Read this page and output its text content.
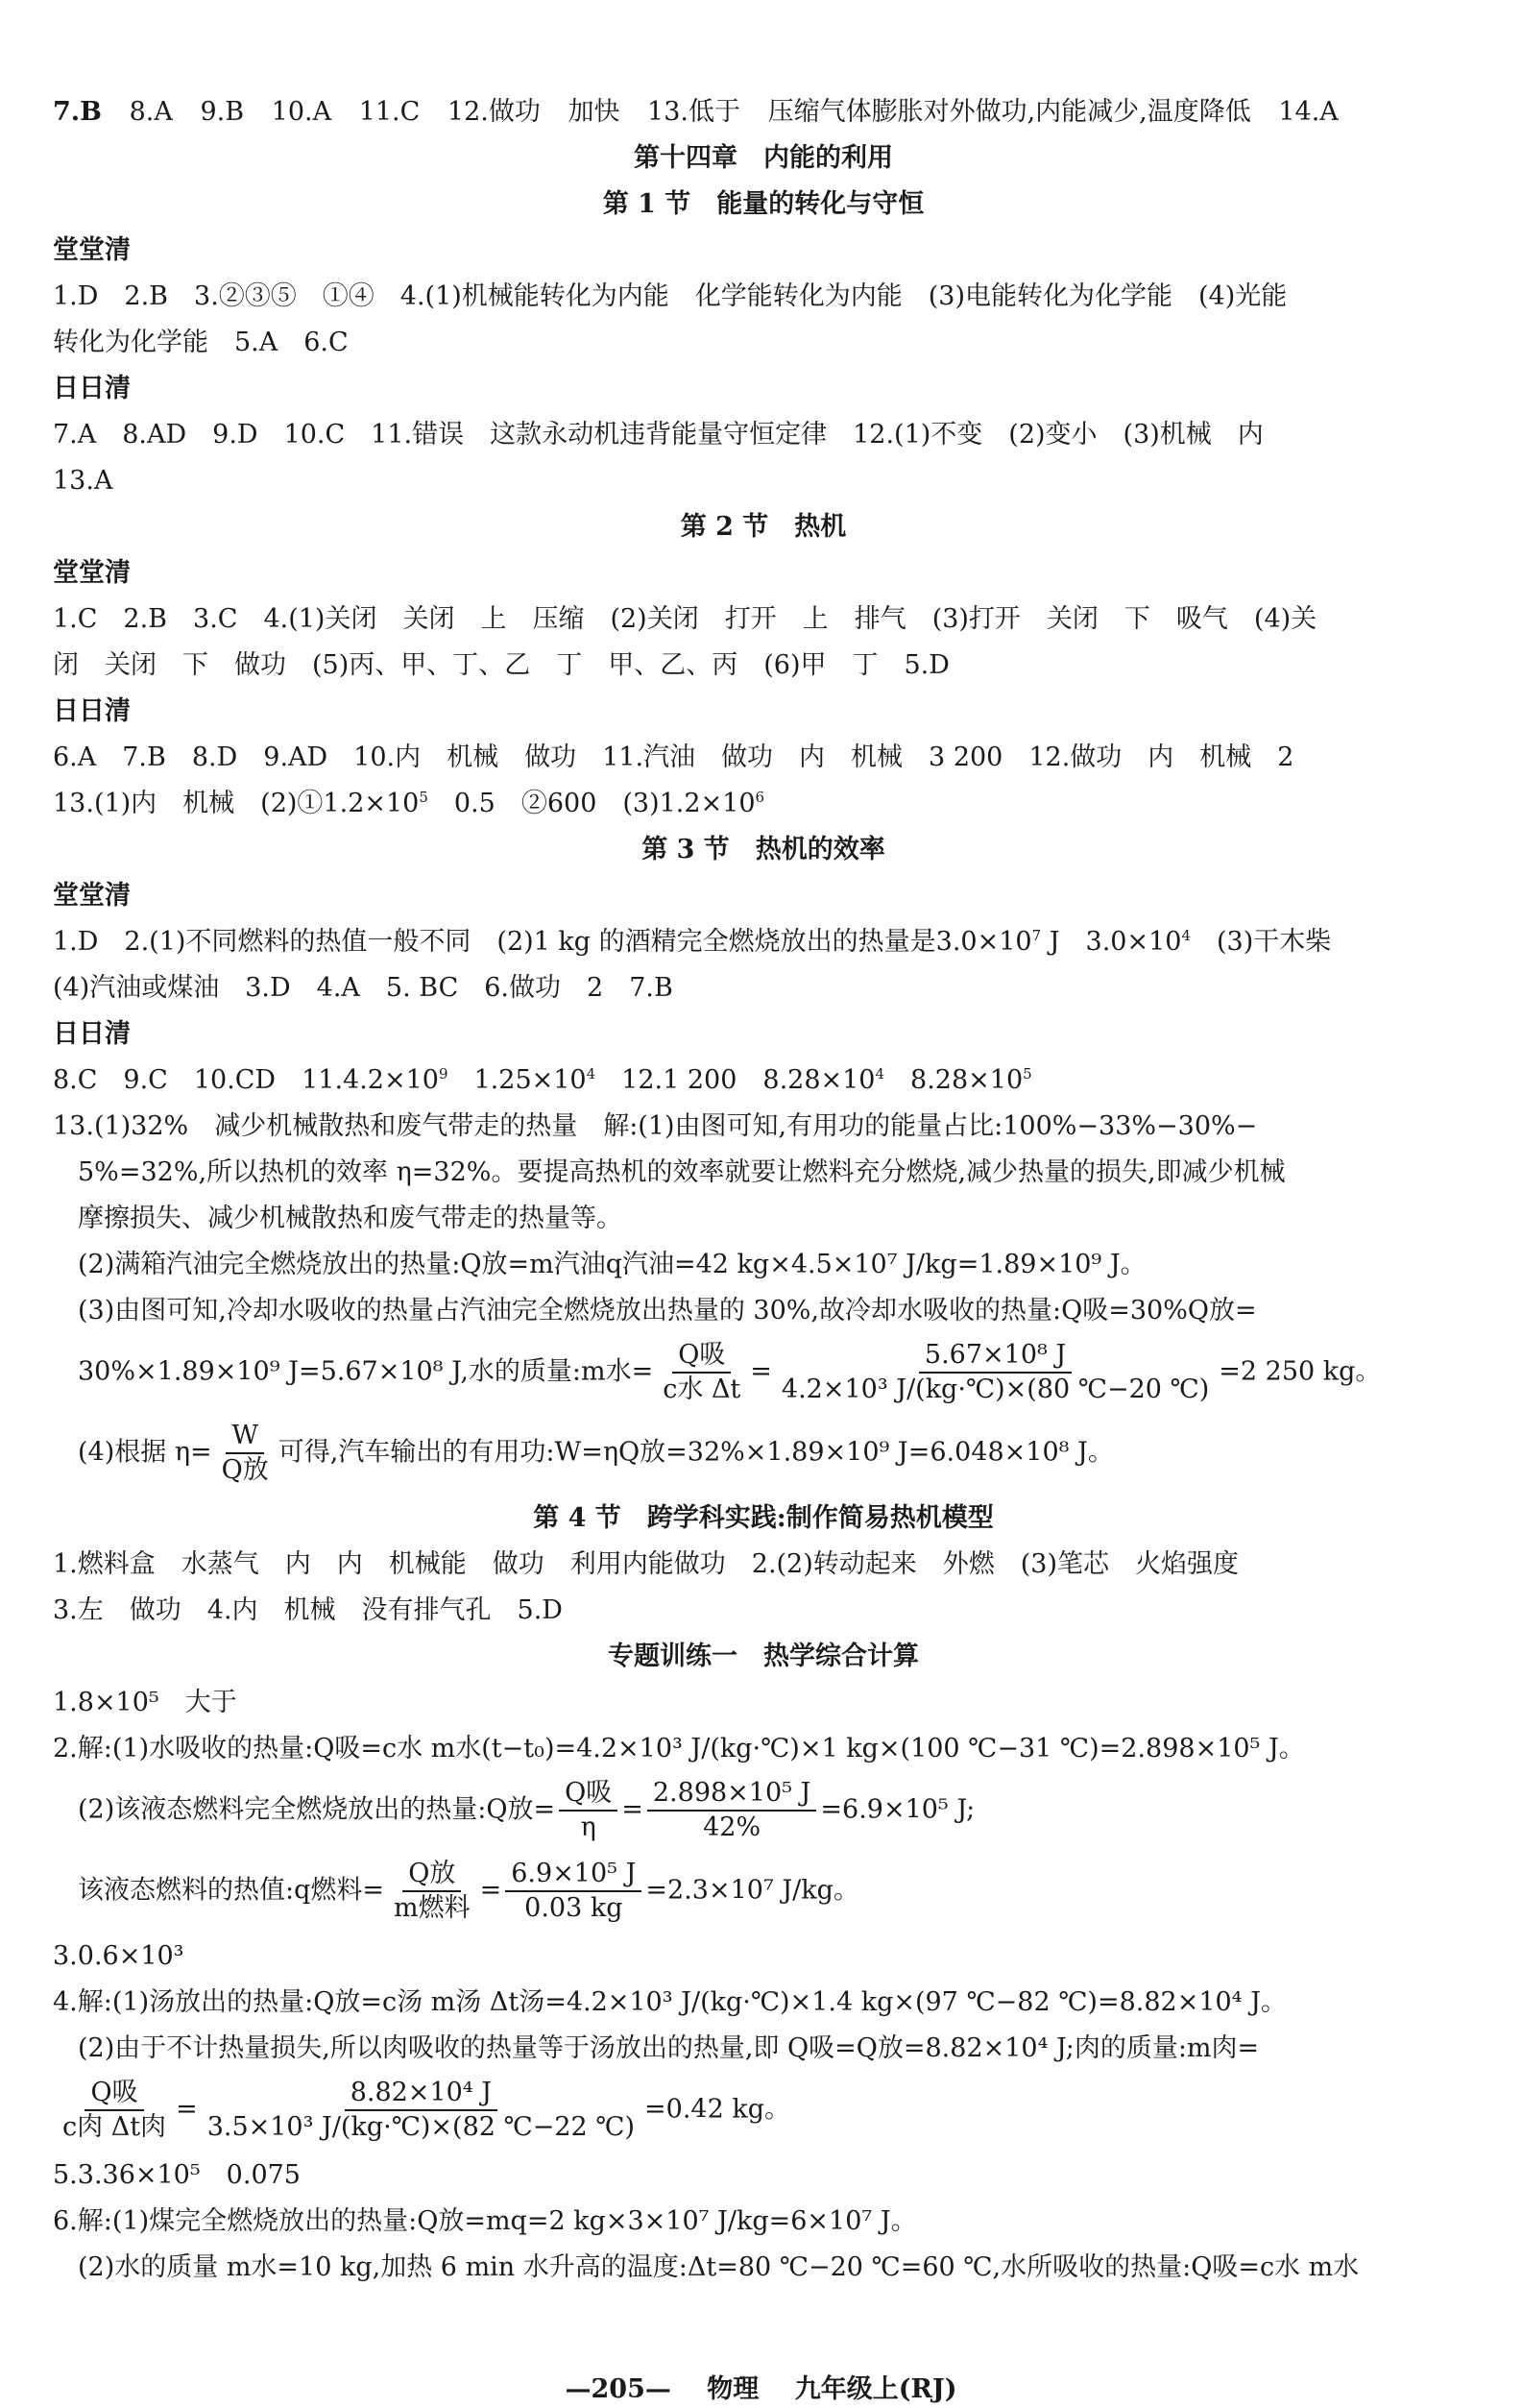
7.B 8.A 9.B 10.A 11.C 12.做功 加快 13.低于 压缩气体膨胀对外做功,内能减少,温度降低 14.A
第十四章　内能的利用
第 1 节　能量的转化与守恒
堂堂清
1.D　2.B　3.②③⑤　①④　4.(1)机械能转化为内能　化学能转化为内能　(3)电能转化为化学能　(4)光能
转化为化学能　5.A　6.C
日日清
7.A　8.AD　9.D　10.C　11.错误　这款永动机违背能量守恒定律　12.(1)不变　(2)变小　(3)机械　内
13.A
第 2 节　热机
堂堂清
1.C　2.B　3.C　4.(1)关闭　关闭　上　压缩　(2)关闭　打开　上　排气　(3)打开　关闭　下　吸气　(4)关
闭　关闭　下　做功　(5)丙、甲、丁、乙　丁　甲、乙、丙　(6)甲　丁　5.D
日日清
6.A　7.B　8.D　9.AD　10.内　机械　做功　11.汽油　做功　内　机械　3 200　12.做功　内　机械　2
13.(1)内　机械　$(2)①1.2\times 10^5$　0.5　②600　$(3)1.2\times 10^6$
第 3 节　热机的效率
堂堂清
1.D　2.(1)不同燃料的热值一般不同　(2)1 kg 的酒精完全燃烧放出的热量是$3.0\times 10^7$ J　$3.0\times 10^4$　(3)干木柴
(4)汽油或煤油　3.D　4.A　5. BC　6.做功　2　7.B
日日清
8.C　9.C　10.CD　$11.4.2\times 10^9$　$1.25\times 10^4$　12.1 200　$8.28\times 10^4$　$8.28\times 10^5$
13.(1)32%　减少机械散热和废气带走的热量　解:(1)由图可知,有用功的能量占比:100%−33%−30%−
5%=32%,所以热机的效率 η=32%。要提高热机的效率就要让燃料充分燃烧,减少热量的损失,即减少机械
摩擦损失、减少机械散热和废气带走的热量等。
(2)满箱汽油完全燃烧放出的热量:Q放=m汽油q汽油=42 kg×4.5×10⁷ J/kg=1.89×10⁹ J。
(3)由图可知,冷却水吸收的热量占汽油完全燃烧放出热量的 30%,故冷却水吸收的热量:Q吸=30%Q放=
30%×1.89×10⁹ J=5.67×10⁸ J,水的质量:m水= $\frac{\text{Q吸}}{\text{c水 Δt}} = \frac{\text{5.67×10⁸ J}}{\text{4.2×10³ J/(kg·℃)×(80 ℃−20 ℃)}} =2$ 250 kg。
(4)根据 $\eta= \frac{W}{\text{Q放}}$ 可得,汽车输出的有用功:W=ηQ放=32%×1.89×10⁹ J=6.048×10⁸ J。
第 4 节　跨学科实践:制作简易热机模型
1.燃料盒　水蒸气　内　内　机械能　做功　利用内能做功　2.(2)转动起来　外燃　(3)笔芯　火焰强度
3.左　做功　4.内　机械　没有排气孔　5.D
专题训练一　热学综合计算
1.8×10⁵　大于
2.解:(1)水吸收的热量:Q吸=c水 m水(t−t₀)=4.2×10³ J/(kg·℃)×1 kg×(100 ℃−31 ℃)=2.898×10⁵ J。
(2)该液态燃料完全燃烧放出的热量:Q放= $\frac{\text{Q吸}}{\eta} = \frac{\text{2.898×10⁵ J}}{42\%} =6.9\times 10^5$ J;
该液态燃料的热值:q燃料= $\frac{\text{Q放}}{\text{m燃料}} = \frac{\text{6.9×10⁵ J}}{0.03 kg} =2.3\times 10^7$ J/kg。
3.0.6×10³
4.解:(1)汤放出的热量:Q放=c汤 m汤 Δt汤=4.2×10³ J/(kg·℃)×1.4 kg×(97 ℃−82 ℃)=8.82×10⁴ J。
(2)由于不计热量损失,所以肉吸收的热量等于汤放出的热量,即 Q吸=Q放=8.82×10⁴ J;肉的质量:m肉=
$\frac{\text{Q吸}}{\text{c肉 Δt肉}} = \frac{\text{8.82×10⁴ J}}{\text{3.5×10³ J/(kg·℃)×(82 ℃−22 ℃)}} =0.42$ kg。
5.3.36×10⁵　0.075
6.解:(1)煤完全燃烧放出的热量:Q放=mq=2 kg×3×10⁷ J/kg=6×10⁷ J。
(2)水的质量 m水=10 kg,加热 6 min 水升高的温度:Δt=80 ℃−20 ℃=60 ℃,水所吸收的热量:Q吸=c水 m水
—205— 物理 九年级上(RJ)
